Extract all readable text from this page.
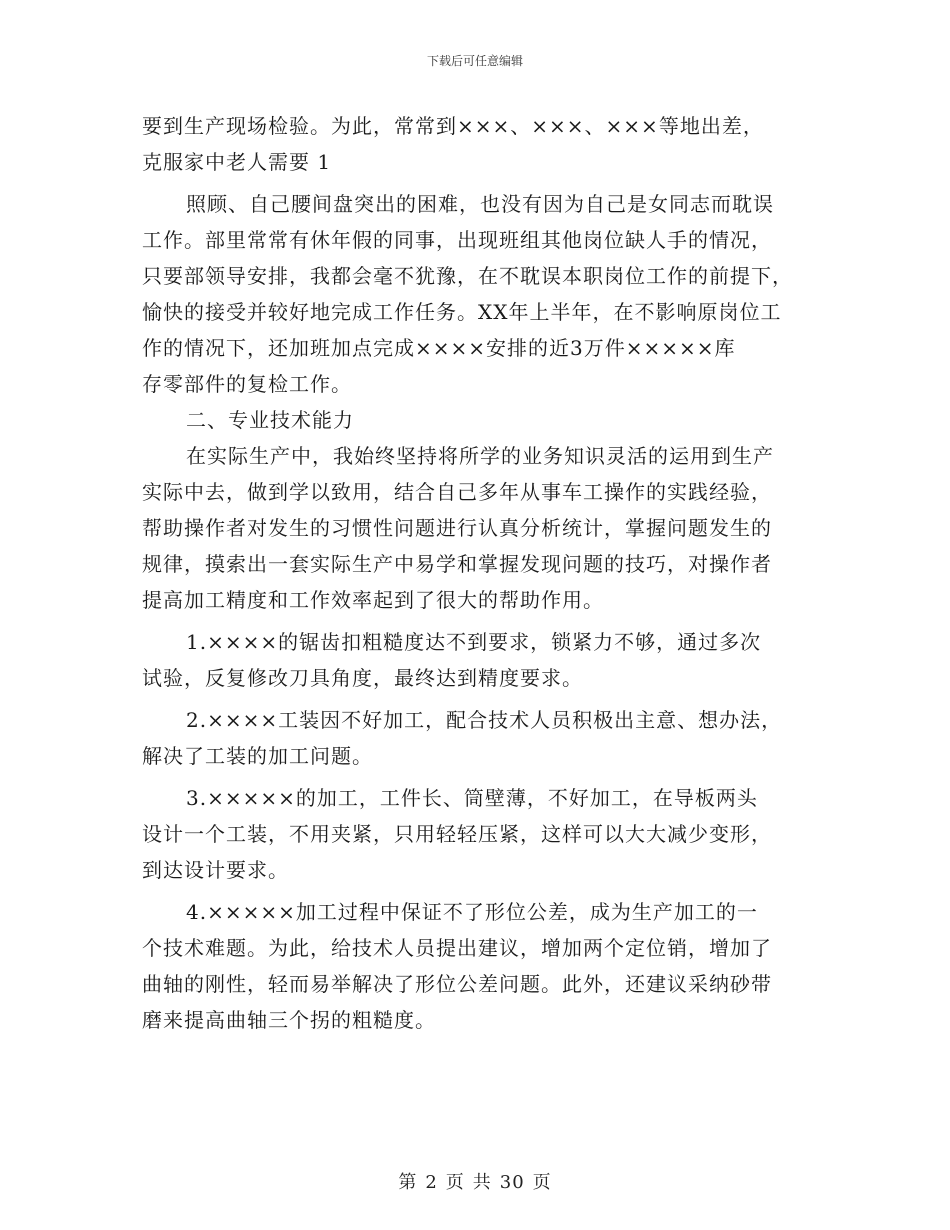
下载后可任意编辑
要到生产现场检验。为此，常常到×××、×××、×××等地出差，
克服家中老人需要 1
照顾、自己腰间盘突出的困难，也没有因为自己是女同志而耽误
工作。部里常常有休年假的同事，出现班组其他岗位缺人手的情况，
只要部领导安排，我都会毫不犹豫，在不耽误本职岗位工作的前提下，
愉快的接受并较好地完成工作任务。XX年上半年，在不影响原岗位工
作的情况下，还加班加点完成××××安排的近3万件×××××库
存零部件的复检工作。
二、专业技术能力
在实际生产中，我始终坚持将所学的业务知识灵活的运用到生产
实际中去，做到学以致用，结合自己多年从事车工操作的实践经验，
帮助操作者对发生的习惯性问题进行认真分析统计，掌握问题发生的
规律，摸索出一套实际生产中易学和掌握发现问题的技巧，对操作者
提高加工精度和工作效率起到了很大的帮助作用。
1.××××的锯齿扣粗糙度达不到要求，锁紧力不够，通过多次
试验，反复修改刀具角度，最终达到精度要求。
2.××××工装因不好加工，配合技术人员积极出主意、想办法，
解决了工装的加工问题。
3.×××××的加工，工件长、筒壁薄，不好加工，在导板两头
设计一个工装，不用夹紧，只用轻轻压紧，这样可以大大减少变形，
到达设计要求。
4.×××××加工过程中保证不了形位公差，成为生产加工的一
个技术难题。为此，给技术人员提出建议，增加两个定位销，增加了
曲轴的刚性，轻而易举解决了形位公差问题。此外，还建议采纳砂带
磨来提高曲轴三个拐的粗糙度。
第 2 页 共 30 页
